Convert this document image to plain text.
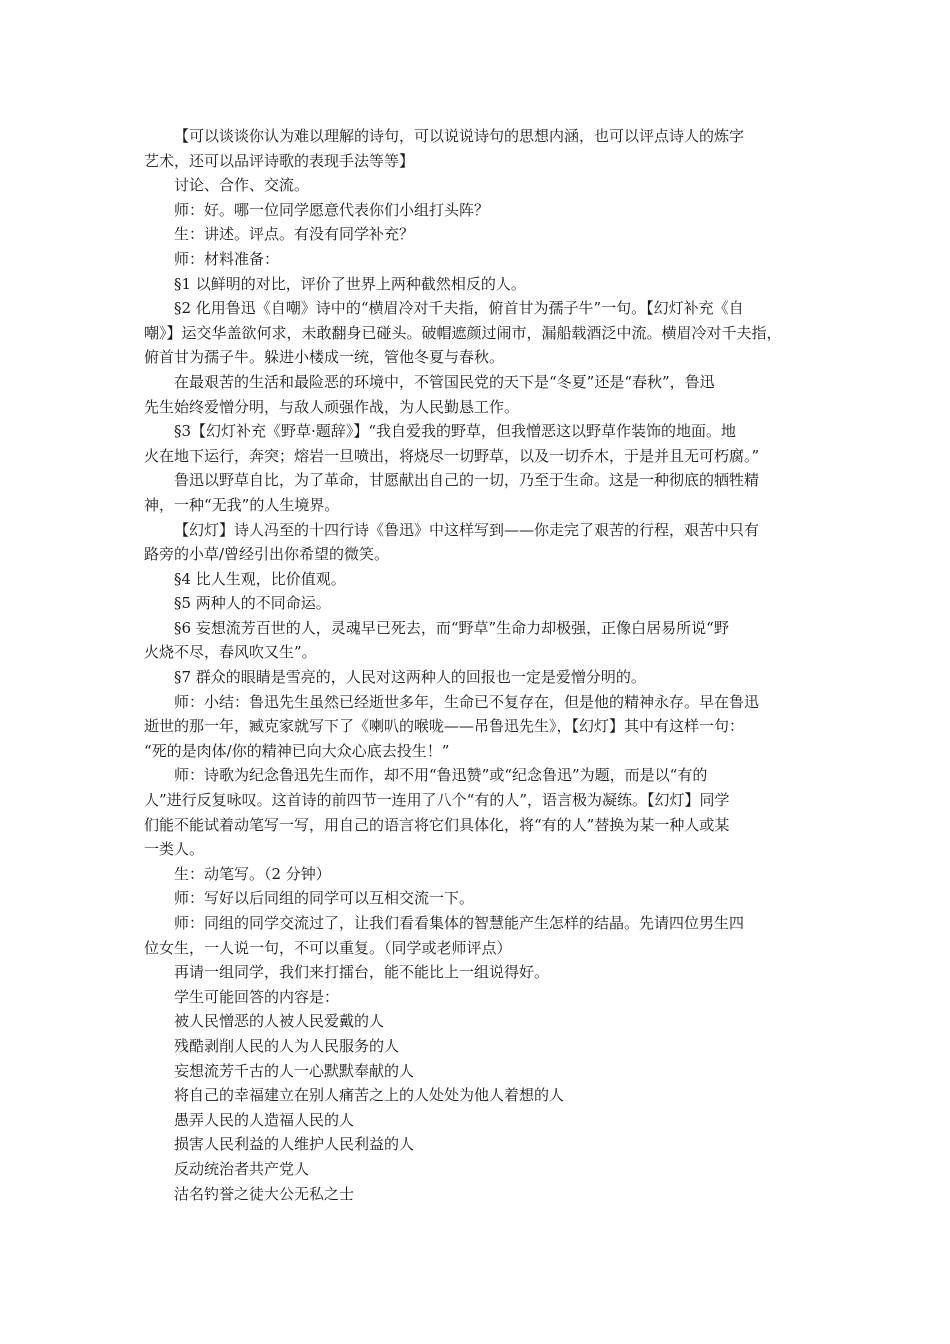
【可以谈谈你认为难以理解的诗句，可以说说诗句的思想内涵，也可以评点诗人的炼字
艺术，还可以品评诗歌的表现手法等等】
讨论、合作、交流。
师：好。哪一位同学愿意代表你们小组打头阵？
生：讲述。评点。有没有同学补充？
师：材料准备：
§1 以鲜明的对比，评价了世界上两种截然相反的人。
§2 化用鲁迅《自嘲》诗中的“横眉冷对千夫指，俯首甘为孺子牛”一句。【幻灯补充《自
嘲》】运交华盖欲何求，未敢翻身已碰头。破帽遮颜过闹市，漏船载酒泛中流。横眉冷对千夫指，
俯首甘为孺子牛。躲进小楼成一统，管他冬夏与春秋。
在最艰苦的生活和最险恶的环境中，不管国民党的天下是“冬夏”还是“春秋”，鲁迅
先生始终爱憎分明，与敌人顽强作战，为人民勤恳工作。
§3【幻灯补充《野草·题辞》】“我自爱我的野草，但我憎恶这以野草作装饰的地面。地
火在地下运行，奔突；熔岩一旦喷出，将烧尽一切野草，以及一切乔木，于是并且无可朽腐。”
鲁迅以野草自比，为了革命，甘愿献出自己的一切，乃至于生命。这是一种彻底的牺牲精
神，一种“无我”的人生境界。
【幻灯】诗人冯至的十四行诗《鲁迅》中这样写到——你走完了艰苦的行程，艰苦中只有
路旁的小草/曾经引出你希望的微笑。
§4 比人生观，比价值观。
§5 两种人的不同命运。
§6 妄想流芳百世的人，灵魂早已死去，而“野草”生命力却极强，正像白居易所说“野
火烧不尽，春风吹又生”。
§7 群众的眼睛是雪亮的，人民对这两种人的回报也一定是爱憎分明的。
师：小结：鲁迅先生虽然已经逝世多年，生命已不复存在，但是他的精神永存。早在鲁迅
逝世的那一年，臧克家就写下了《喇叭的喉咙——吊鲁迅先生》，【幻灯】其中有这样一句：
“死的是肉体/你的精神已向大众心底去投生！”
师：诗歌为纪念鲁迅先生而作，却不用“鲁迅赞”或“纪念鲁迅”为题，而是以“有的
人”进行反复咏叹。这首诗的前四节一连用了八个“有的人”，语言极为凝练。【幻灯】同学
们能不能试着动笔写一写，用自己的语言将它们具体化，将“有的人”替换为某一种人或某
一类人。
生：动笔写。（2 分钟）
师：写好以后同组的同学可以互相交流一下。
师：同组的同学交流过了，让我们看看集体的智慧能产生怎样的结晶。先请四位男生四
位女生，一人说一句，不可以重复。（同学或老师评点）
再请一组同学，我们来打擂台，能不能比上一组说得好。
学生可能回答的内容是：
被人民憎恶的人被人民爱戴的人
残酷剥削人民的人为人民服务的人
妄想流芳千古的人一心默默奉献的人
将自己的幸福建立在别人痛苦之上的人处处为他人着想的人
愚弄人民的人造福人民的人
损害人民利益的人维护人民利益的人
反动统治者共产党人
沽名钓誉之徒大公无私之士
